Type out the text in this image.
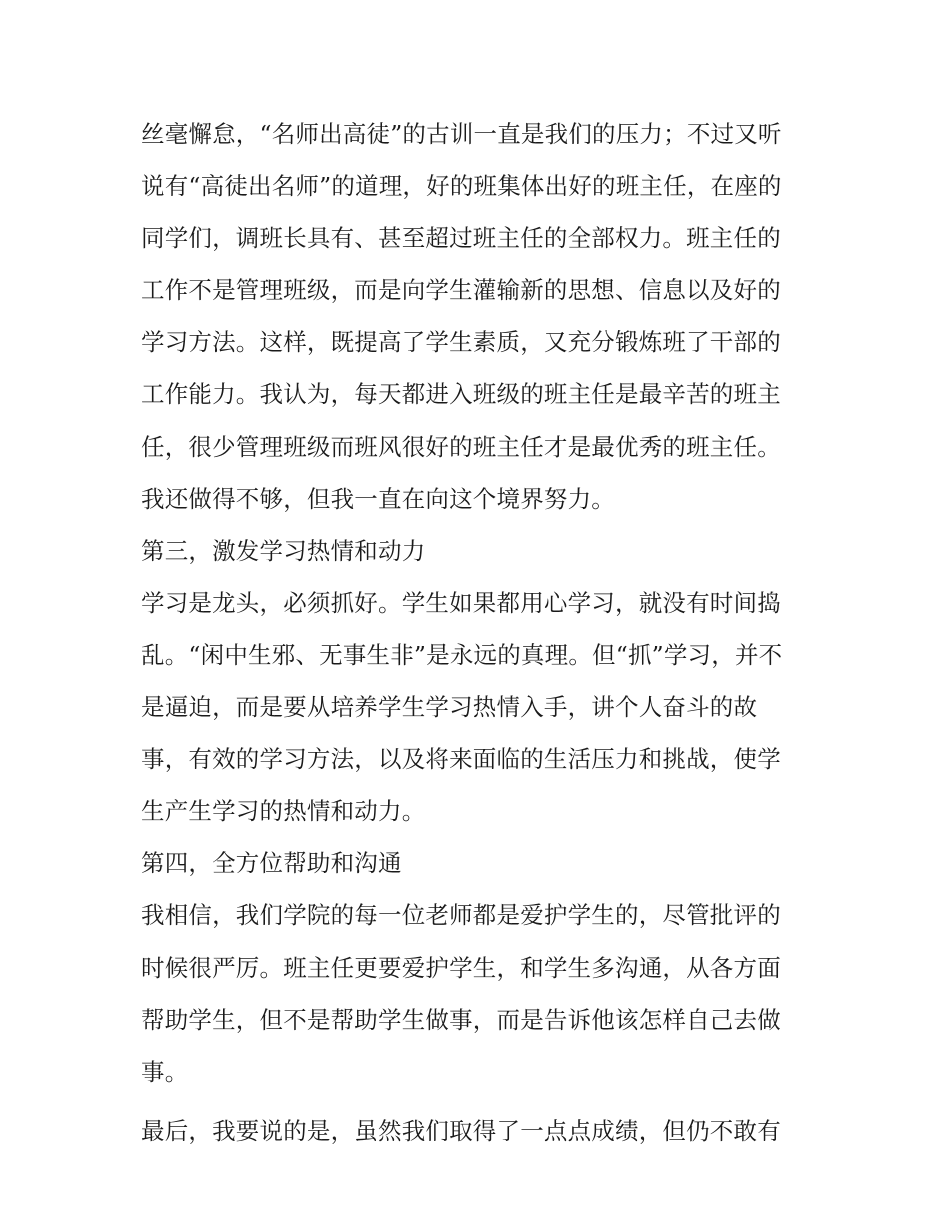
丝毫懈怠，“名师出高徒”的古训一直是我们的压力；不过又听
说有“高徒出名师”的道理，好的班集体出好的班主任，在座的
同学们，调班长具有、甚至超过班主任的全部权力。班主任的
工作不是管理班级，而是向学生灌输新的思想、信息以及好的
学习方法。这样，既提高了学生素质，又充分锻炼班了干部的
工作能力。我认为，每天都进入班级的班主任是最辛苦的班主
任，很少管理班级而班风很好的班主任才是最优秀的班主任。
我还做得不够，但我一直在向这个境界努力。
第三，激发学习热情和动力
学习是龙头，必须抓好。学生如果都用心学习，就没有时间捣
乱。“闲中生邪、无事生非”是永远的真理。但“抓”学习，并不
是逼迫，而是要从培养学生学习热情入手，讲个人奋斗的故
事，有效的学习方法，以及将来面临的生活压力和挑战，使学
生产生学习的热情和动力。
第四，全方位帮助和沟通
我相信，我们学院的每一位老师都是爱护学生的，尽管批评的
时候很严厉。班主任更要爱护学生，和学生多沟通，从各方面
帮助学生，但不是帮助学生做事，而是告诉他该怎样自己去做
事。
最后，我要说的是，虽然我们取得了一点点成绩，但仍不敢有
